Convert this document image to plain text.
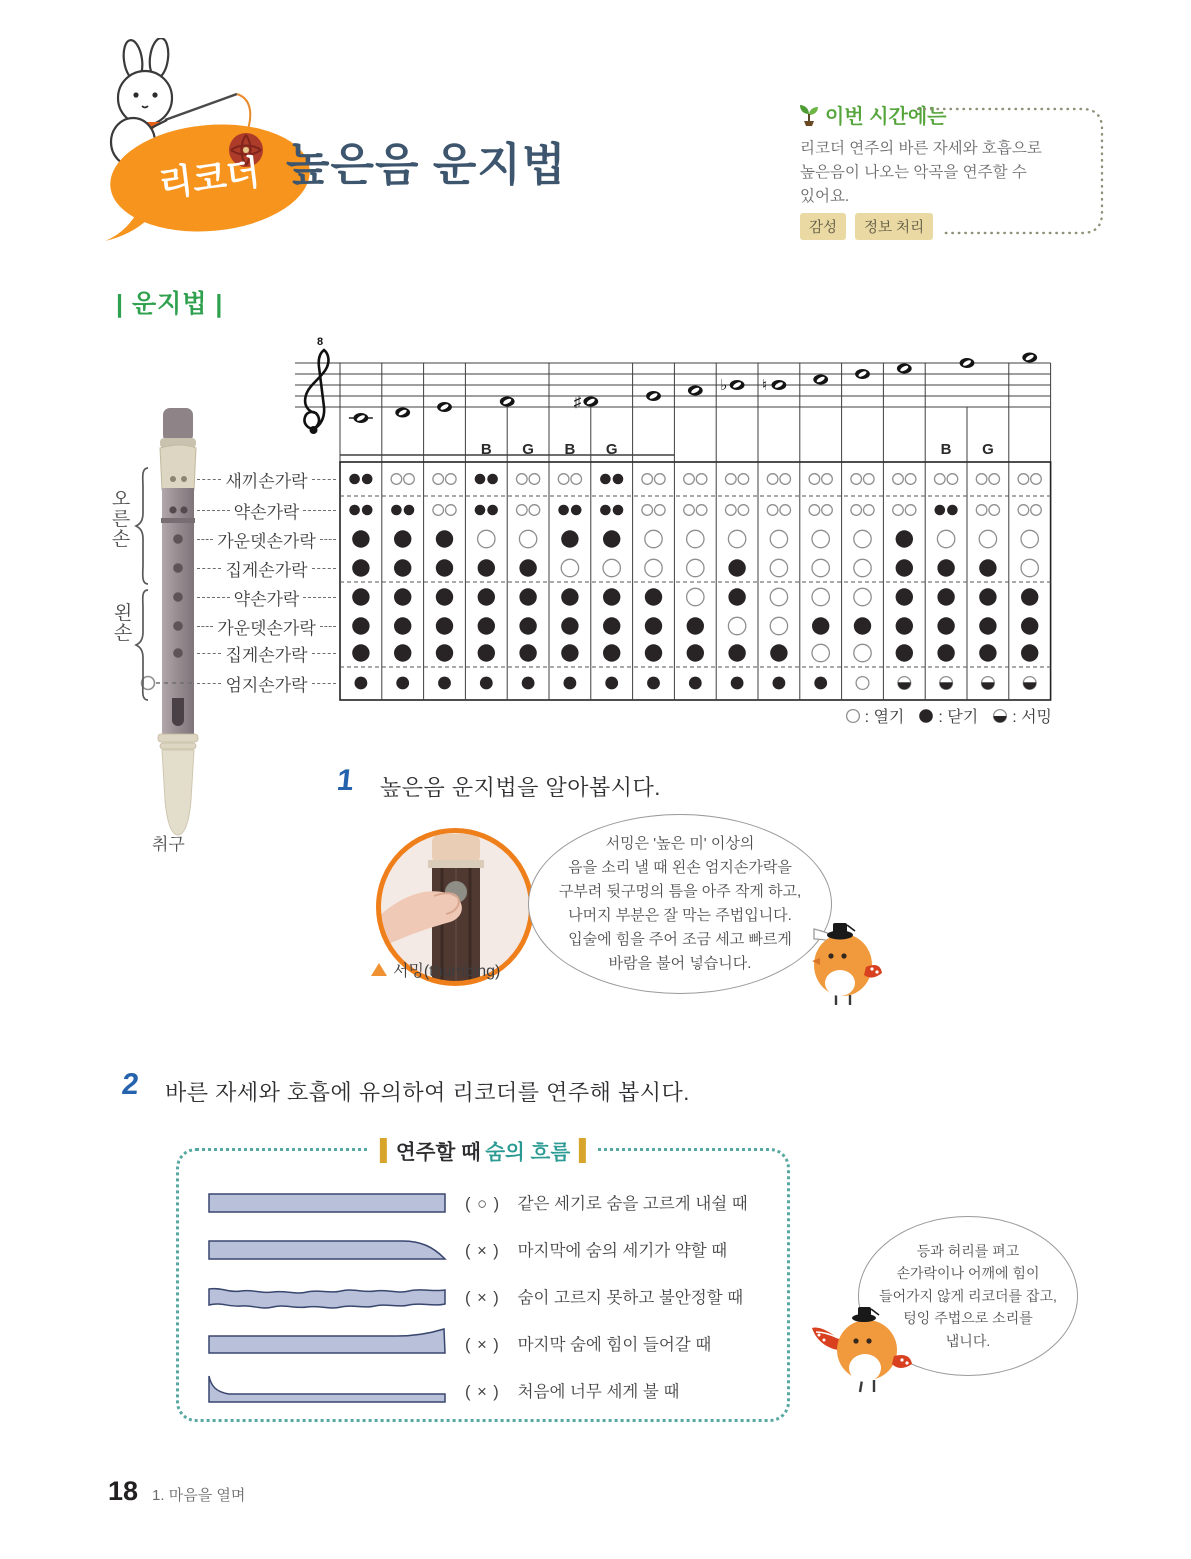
리코더 높은음 운지법
이번 시간에는
리코더 연주의 바른 자세와 호흡으로 높은음이 나오는 악곡을 연주할 수 있어요.
감성 정보 처리
| 운지법 |
취구
오
른
손
왼
손
새끼손가락
약손가락
가운뎃손가락
집게손가락
약손가락
가운뎃손가락
집게손가락
엄지손가락
B G
♯
B G
♭ ♮
B G
8
: 열기 : 닫기 : 서밍
1 높은음 운지법을 알아봅시다.
서밍(thumbing)
서밍은 '높은 미' 이상의
음을 소리 낼 때 왼손 엄지손가락을
구부려 뒷구멍의 틈을 아주 작게 하고,
나머지 부분은 잘 막는 주법입니다.
입술에 힘을 주어 조금 세고 빠르게
바람을 불어 넣습니다.
2 바른 자세와 호흡에 유의하여 리코더를 연주해 봅시다.
연주할 때 숨의 흐름
( ○ ) 같은 세기로 숨을 고르게 내쉴 때
( × ) 마지막에 숨의 세기가 약할 때
( × ) 숨이 고르지 못하고 불안정할 때
( × ) 마지막 숨에 힘이 들어갈 때
( × ) 처음에 너무 세게 불 때
등과 허리를 펴고
손가락이나 어깨에 힘이
들어가지 않게 리코더를 잡고,
텅잉 주법으로 소리를
냅니다.
18 1. 마음을 열며
